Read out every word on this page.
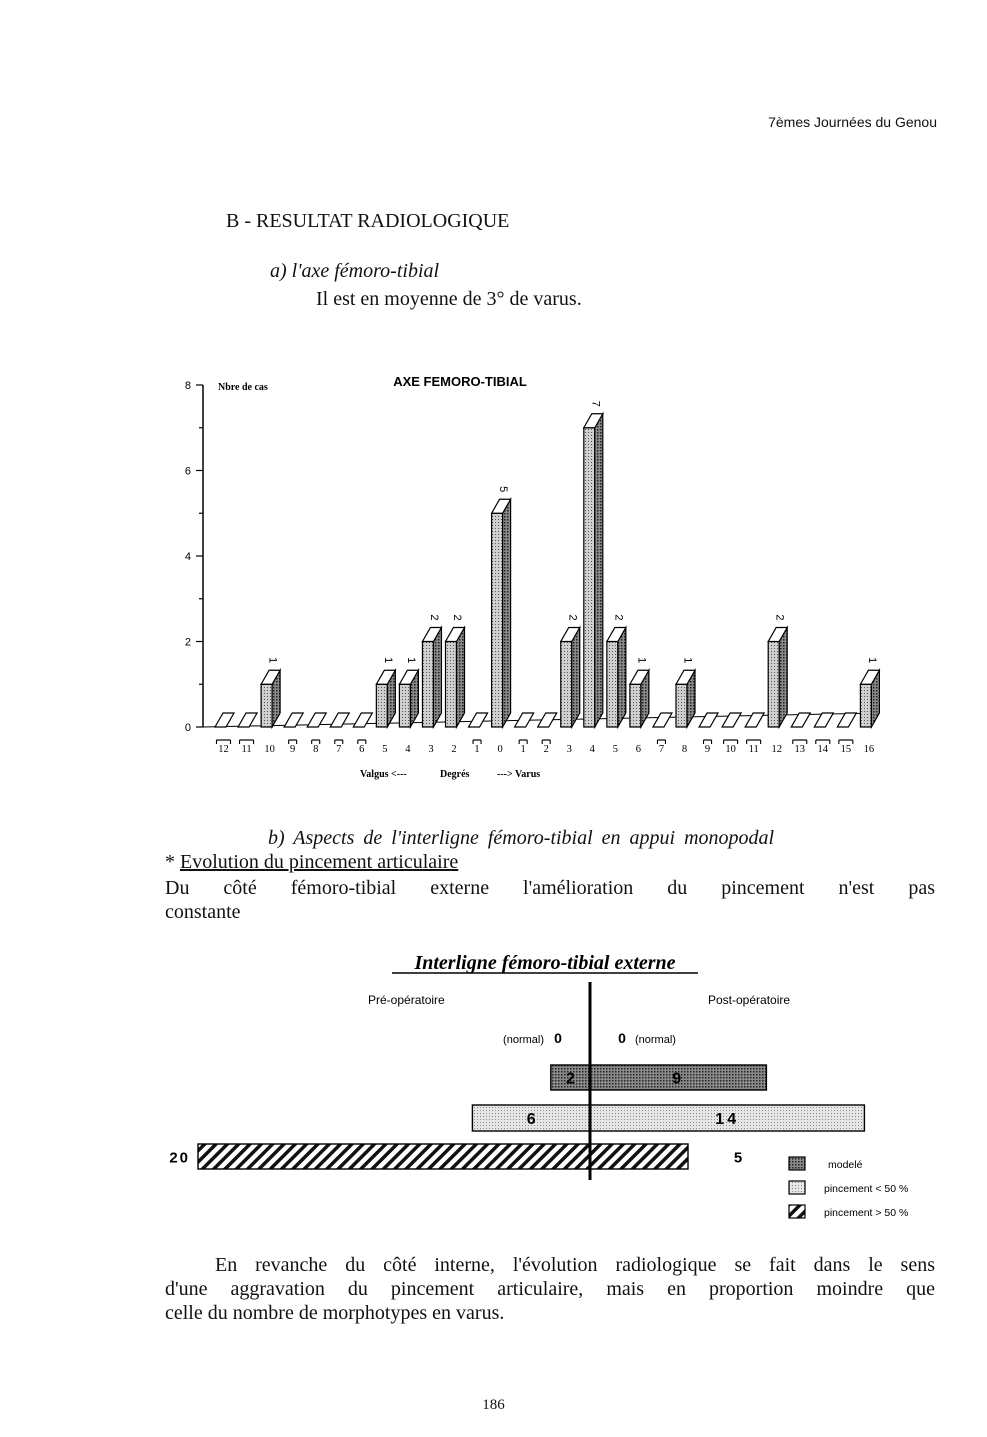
7èmes Journées du Genou
B - RESULTAT RADIOLOGIQUE
a) l'axe fémoro-tibial
Il est en moyenne de 3° de varus.
0
2
4
6
8	Nbre de cas	AXE FEMORO-TIBIAL
12 11
1
10 9 8 7 6
1
5
1
4
2
3
2
2 1
5
0 1 2
2
3
7
4
2
5
1
6 7
1
8 9 10 11
2
12 13 14 15
1
16
Valgus <---	Degrés	---> Varus
Interligne fémoro-tibial externe
Pré-opératoire	Post-opératoire
(normal) 0	0 (normal)
2	9
6	14
20	5	modelé
pincement < 50 %
pincement > 50 %
b) Aspects de l'interligne fémoro-tibial en appui monopodal
* Evolution du pincement articulaire
Du côté fémoro-tibial externe l'amélioration du pincement n'est pas
constante
En revanche du côté interne, l'évolution radiologique se fait dans le sens
d'une aggravation du pincement articulaire, mais en proportion moindre que
celle du nombre de morphotypes en varus.
186
